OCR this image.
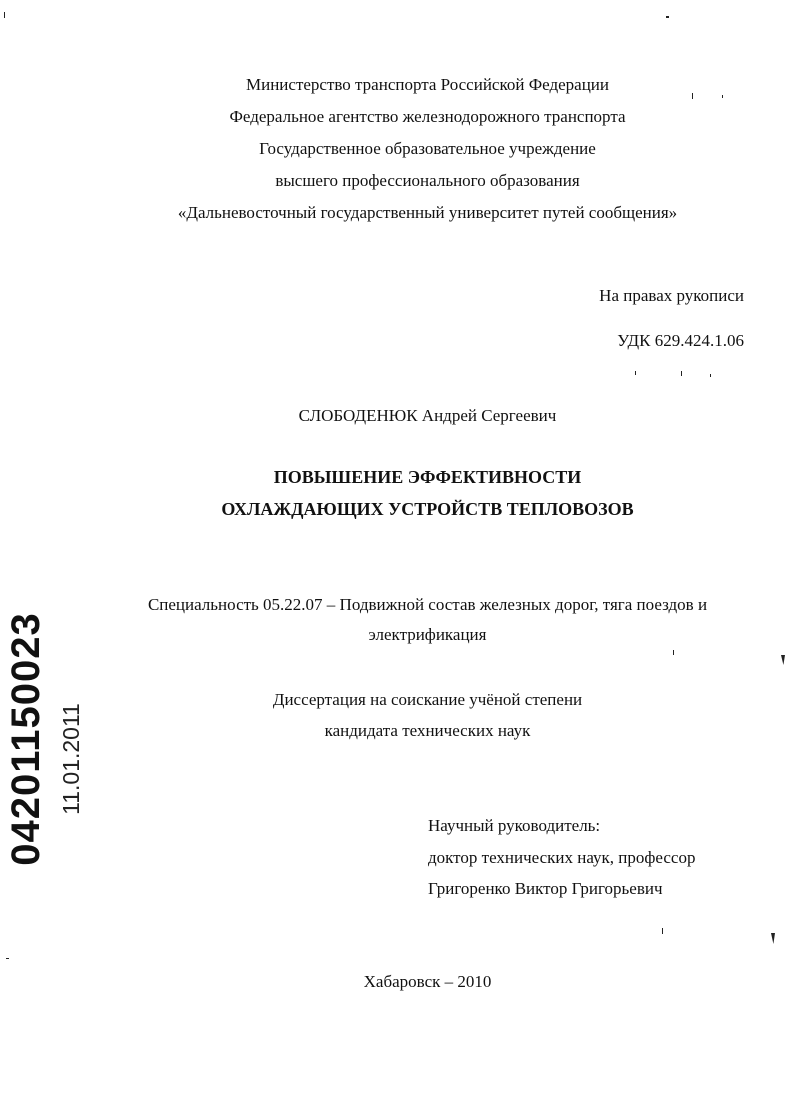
Министерство транспорта Российской Федерации
Федеральное агентство железнодорожного транспорта
Государственное образовательное учреждение
высшего профессионального образования
«Дальневосточный государственный университет путей сообщения»
На правах рукописи
УДК 629.424.1.06
СЛОБОДЕНЮК Андрей Сергеевич
ПОВЫШЕНИЕ ЭФФЕКТИВНОСТИ
ОХЛАЖДАЮЩИХ УСТРОЙСТВ ТЕПЛОВОЗОВ
Специальность 05.22.07 – Подвижной состав железных дорог, тяга поездов и
электрификация
Диссертация на соискание учёной степени
кандидата технических наук
Научный руководитель:
доктор технических наук, профессор
Григоренко Виктор Григорьевич
Хабаровск – 2010
04201150023 11.01.2011
